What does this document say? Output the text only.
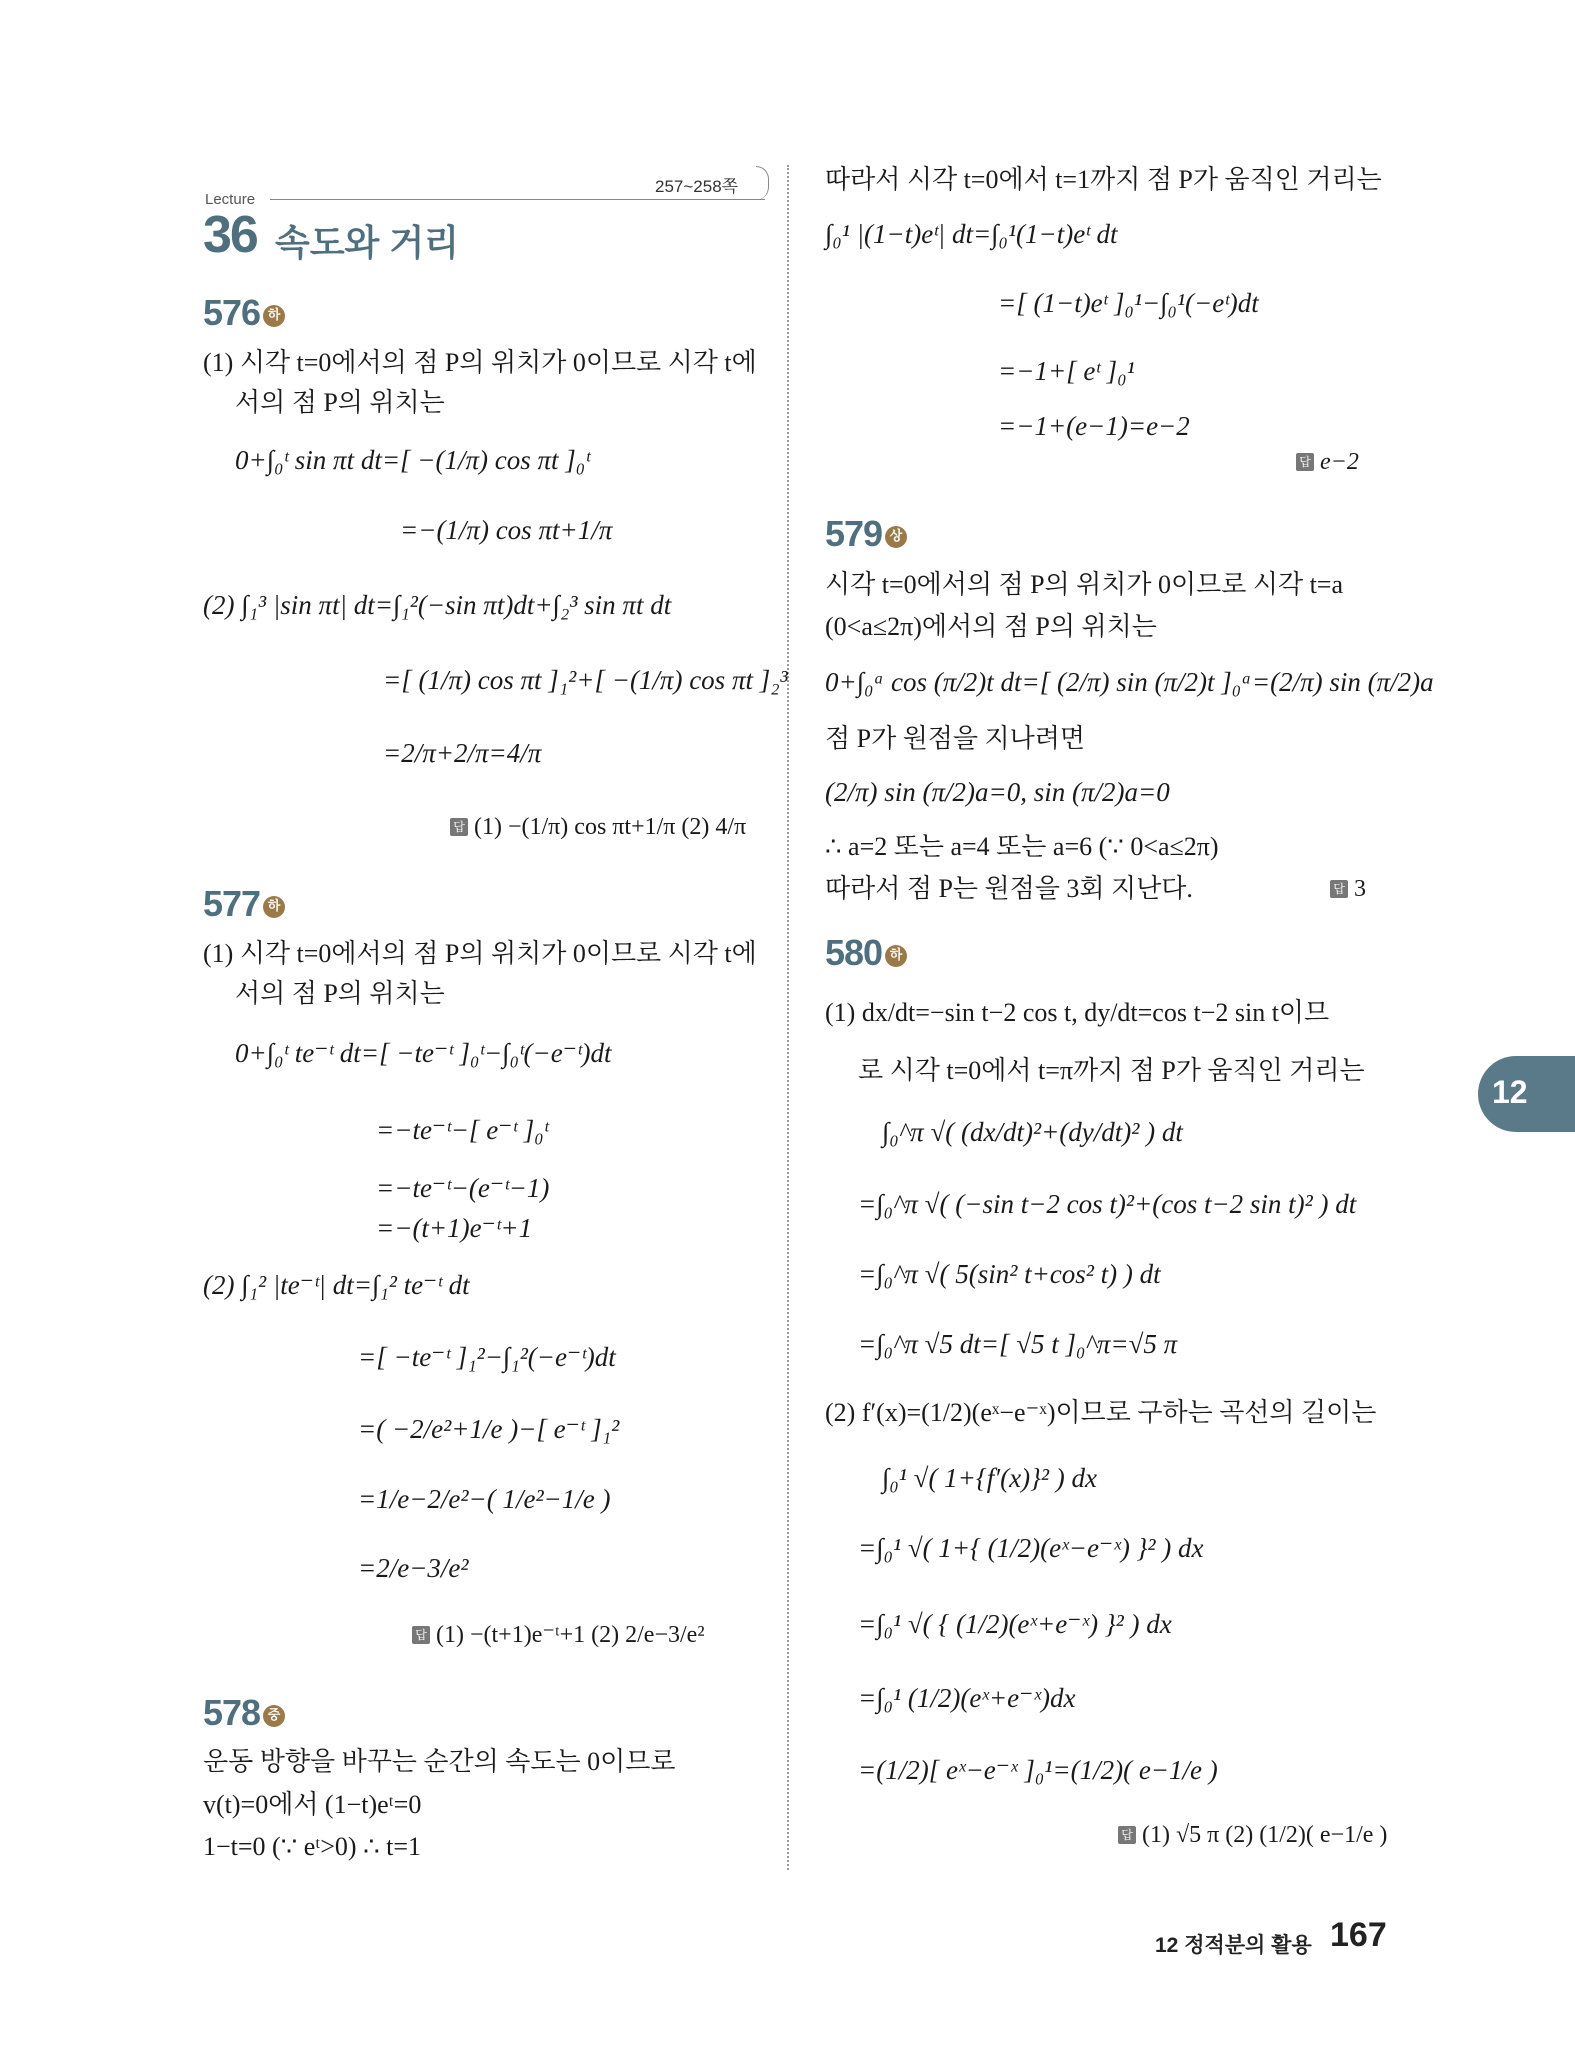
Lecture
257~258쪽
36 속도와 거리
576 하
(1) 시각 t=0에서의 점 P의 위치가 0이므로 시각 t에
서의 점 P의 위치는
0+∫₀ᵗ sin πt dt=[ −(1/π) cos πt ]₀ᵗ
=−(1/π) cos πt+1/π
(2) ∫₁³ |sin πt| dt=∫₁²(−sin πt)dt+∫₂³ sin πt dt
=[ (1/π) cos πt ]₁²+[ −(1/π) cos πt ]₂³
=2/π+2/π=4/π
답 (1) −(1/π) cos πt+1/π (2) 4/π
577 하
(1) 시각 t=0에서의 점 P의 위치가 0이므로 시각 t에
서의 점 P의 위치는
0+∫₀ᵗ te⁻ᵗ dt=[ −te⁻ᵗ ]₀ᵗ−∫₀ᵗ(−e⁻ᵗ)dt
=−te⁻ᵗ−[ e⁻ᵗ ]₀ᵗ
=−te⁻ᵗ−(e⁻ᵗ−1)
=−(t+1)e⁻ᵗ+1
(2) ∫₁² |te⁻ᵗ| dt=∫₁² te⁻ᵗ dt
=[ −te⁻ᵗ ]₁²−∫₁²(−e⁻ᵗ)dt
=( −2/e²+1/e )−[ e⁻ᵗ ]₁²
=1/e−2/e²−( 1/e²−1/e )
=2/e−3/e²
답 (1) −(t+1)e⁻ᵗ+1 (2) 2/e−3/e²
578 중
운동 방향을 바꾸는 순간의 속도는 0이므로
v(t)=0에서 (1−t)eᵗ=0
1−t=0 (∵ eᵗ>0) ∴ t=1
따라서 시각 t=0에서 t=1까지 점 P가 움직인 거리는
∫₀¹ |(1−t)eᵗ| dt=∫₀¹(1−t)eᵗ dt
=[ (1−t)eᵗ ]₀¹−∫₀¹(−eᵗ)dt
=−1+[ eᵗ ]₀¹
=−1+(e−1)=e−2
답 e−2
579 상
시각 t=0에서의 점 P의 위치가 0이므로 시각 t=a
(0<a≤2π)에서의 점 P의 위치는
0+∫₀ᵃ cos (π/2)t dt=[ (2/π) sin (π/2)t ]₀ᵃ=(2/π) sin (π/2)a
점 P가 원점을 지나려면
(2/π) sin (π/2)a=0, sin (π/2)a=0
∴ a=2 또는 a=4 또는 a=6 (∵ 0<a≤2π)
따라서 점 P는 원점을 3회 지난다.	답 3
580 하
(1) dx/dt=−sin t−2 cos t, dy/dt=cos t−2 sin t이므
로 시각 t=0에서 t=π까지 점 P가 움직인 거리는
∫₀^π √( (dx/dt)²+(dy/dt)² ) dt
=∫₀^π √( (−sin t−2 cos t)²+(cos t−2 sin t)² ) dt
=∫₀^π √( 5(sin² t+cos² t) ) dt
=∫₀^π √5 dt=[ √5 t ]₀^π=√5 π
(2) f′(x)=(1/2)(eˣ−e⁻ˣ)이므로 구하는 곡선의 길이는
∫₀¹ √( 1+{f′(x)}² ) dx
=∫₀¹ √( 1+{ (1/2)(eˣ−e⁻ˣ) }² ) dx
=∫₀¹ √( { (1/2)(eˣ+e⁻ˣ) }² ) dx
=∫₀¹ (1/2)(eˣ+e⁻ˣ)dx
=(1/2)[ eˣ−e⁻ˣ ]₀¹=(1/2)( e−1/e )
답 (1) √5 π (2) (1/2)( e−1/e )
12
12 정적분의 활용 167
